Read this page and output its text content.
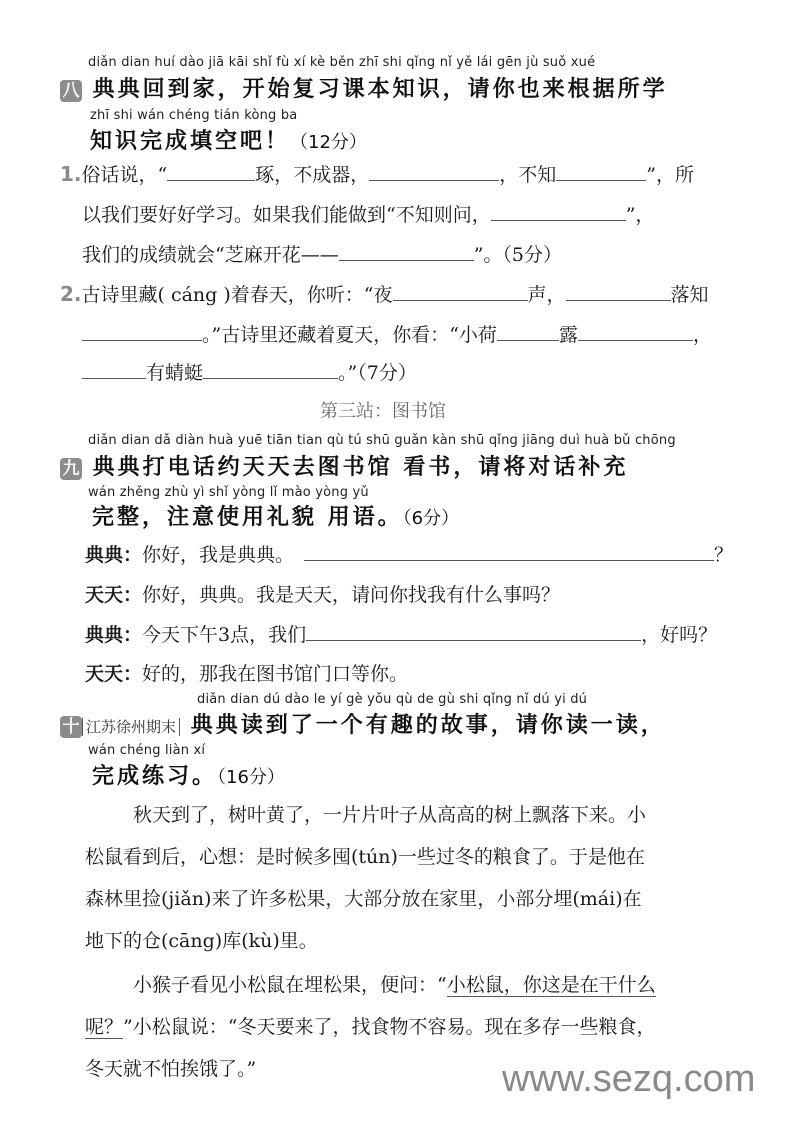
diǎn dian huí dào jiā kāi shǐ fù xí kè běn zhī shi qǐng nǐ yě lái gēn jù suǒ xué
八 典典回到家，开始复习课本知识，请你也来根据所学
zhī shi wán chéng tián kòng ba
知识完成填空吧！（12分）
1.俗话说，“	琢，不成器，	，不知	”，所
以我们要好好学习。如果我们能做到“不知则问，	”，
我们的成绩就会“芝麻开花——	”。（5分）
2.古诗里藏( cáng )着春天，你听：“夜	声，	落知
。”古诗里还藏着夏天，你看：“小荷	露	，
有蜻蜓	。”（7分）
第三站：图书馆
diǎn dian dǎ diàn huà yuē tiān tian qù tú shū guǎn kàn shū qǐng jiāng duì huà bǔ chōng
九 典典打电话约天天去图书馆 看书，请将对话补充
wán zhěng zhù yì shǐ yòng lǐ mào yòng yǔ
完整，注意使用礼貌 用语。（6分）
典典：你好，我是典典。	？
天天：你好，典典。我是天天，请问你找我有什么事吗？
典典：今天下午3点，我们	，好吗？
天天：好的，那我在图书馆门口等你。
diǎn dian dú dào le yí gè yǒu qù de gù shi qǐng nǐ dú yi dú
十 江苏徐州期末 典典读到了一个有趣的故事，请你读一读，
wán chéng liàn xí
完成练习。（16分）
秋天到了，树叶黄了，一片片叶子从高高的树上飘落下来。小
松鼠看到后，心想：是时候多囤(tún)一些过冬的粮食了。于是他在
森林里捡(jiǎn)来了许多松果，大部分放在家里，小部分埋(mái)在
地下的仓(cāng)库(kù)里。
小猴子看见小松鼠在埋松果，便问：“小松鼠，你这是在干什么
呢？”小松鼠说：“冬天要来了，找食物不容易。现在多存一些粮食，
冬天就不怕挨饿了。”	www.sezq.com
